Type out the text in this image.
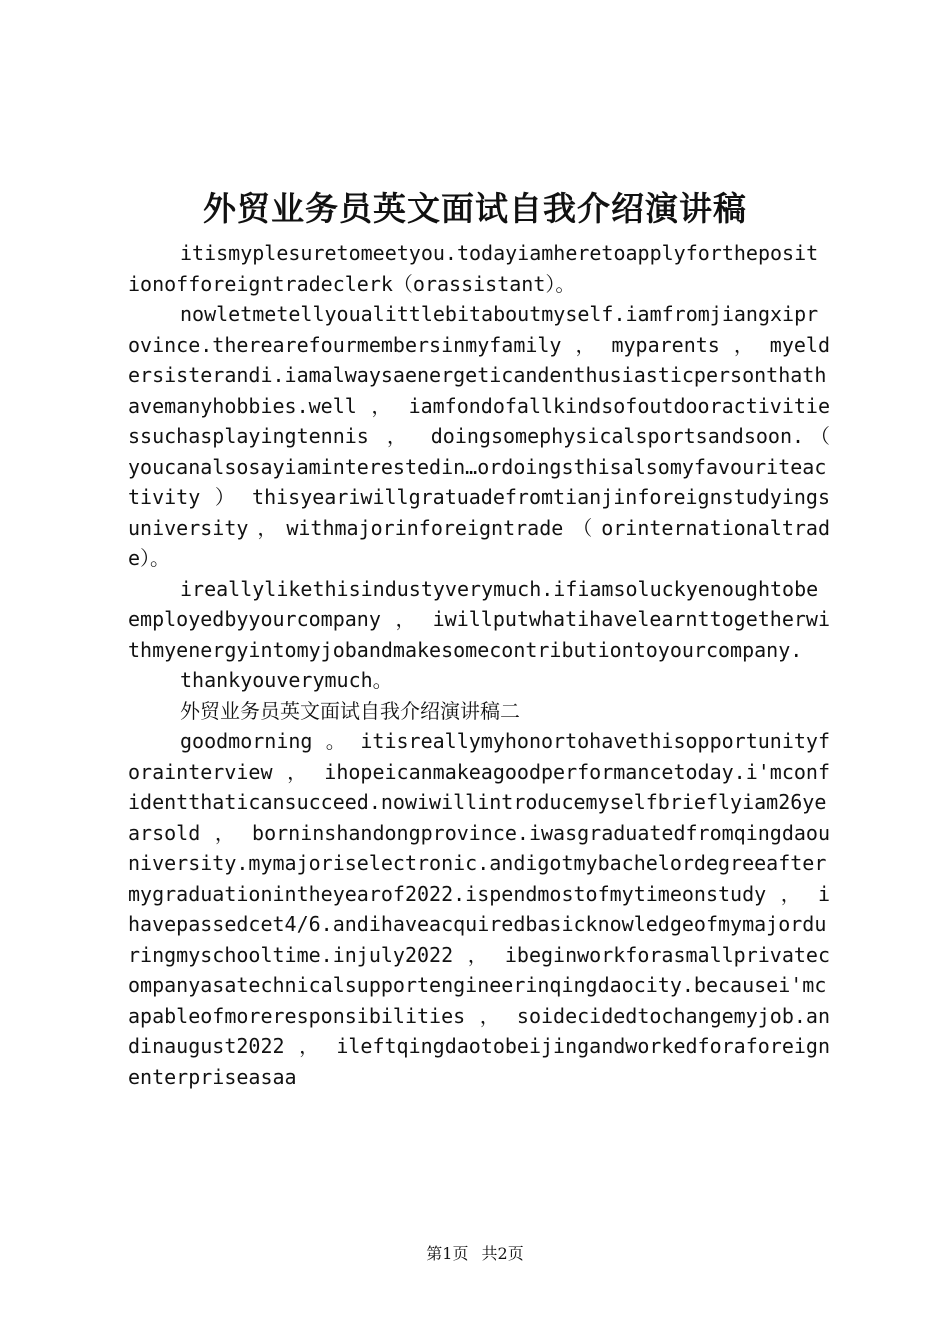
外贸业务员英文面试自我介绍演讲稿

itismyplesuretomeetyou.todayiamheretoapplyforthepositionofforeigntradeclerk（orassistant）。

nowletmetellyoualittlebitaboutmyself.iamfromjiangxiprovince.therearefourmembersinmyfamily ， myparents ， myeldersisterandi.iamalwaysaenergeticandenthusiasticpersonthathavemanyhobbies.well ， iamfondofallkindsofoutdooractivitiessuchasplayingtennis ， doingsomephysicalsportsandsoon.（ youcanalsosayiaminterestedin…ordoingsthisalsomyfavouriteactivity ） thisyeariwillgratuadefromtianjinforeignstudyingsuniversity，withmajorinforeigntrade（orinternationaltrade）。

ireallylikethisindustyverymuch.ifiamsoluckyenoughtobeemployedbyyourcompany ， iwillputwhatihavelearnttogetherwithmyenergyintomyjobandmakesomecontributiontoyourcompany.

thankyouverymuch。

外贸业务员英文面试自我介绍演讲稿二

goodmorning 。 itisreallymyhonortohavethisopportunityforainterview ， ihopeicanmakeagoodperformancetoday.i'mconfidentthaticansucceed.nowiwillintroducemyselfbrieflyiam26yearsold ， borninshandongprovince.iwasgraduatedfromqingdaouniversity.mymajoriselectronic.andigotmybachelordegreeaftermygraduationintheyearof2022.ispendmostofmytimeonstudy ， ihavepassedcet4/6.andihaveacquiredbasicknowledgeofmymajorduringmyschooltime.injuly2022 ， ibeginworkforasmallprivatecompanyasatechnicalsupportengineerinqingdaocity.becausei'mcapableofmoreresponsibilities ， soidecidedtochangemyjob.andinaugust2022 ， ileftqingdaotobeijingandworkedforaforeignenterpriseasaa

第1页 共2页
